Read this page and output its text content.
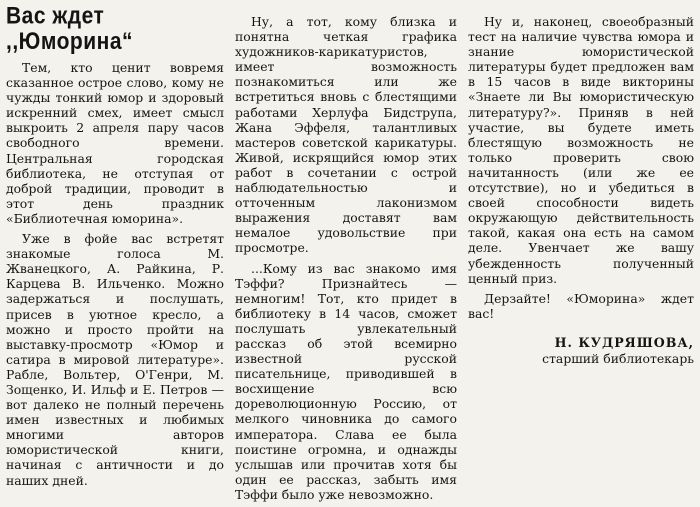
Вас ждет
,,Юморина“

Тем, кто ценит вовремя сказанное острое слово, кому не чужды тонкий юмор и здоровый искренний смех, имеет смысл выкроить 2 апреля пару часов свободного времени. Центральная городская библиотека, не отступая от доброй традиции, проводит в этот день праздник «Библиотечная юморина».

Уже в фойе вас встретят знакомые голоса М. Жванецкого, А. Райкина, Р. Карцева В. Ильченко. Можно задержаться и послушать, присев в уютное кресло, а можно и просто пройти на выставку-просмотр «Юмор и сатира в мировой литературе». Рабле, Вольтер, О'Генри, М. Зощенко, И. Ильф и Е. Петров — вот далеко не полный перечень имен известных и любимых многими авторов юмористической книги, начиная с античности и до наших дней.

Ну, а тот, кому близка и понятна четкая графика художников-карикатуристов, имеет возможность познакомиться или же встретиться вновь с блестящими работами Херлуфа Бидструпа, Жана Эффеля, талантливых мастеров советской карикатуры. Живой, искрящийся юмор этих работ в сочетании с острой наблюдательностью и отточенным лаконизмом выражения доставят вам немалое удовольствие при просмотре.

...Кому из вас знакомо имя Тэффи? Признайтесь — немногим! Тот, кто придет в библиотеку в 14 часов, сможет послушать увлекательный рассказ об этой всемирно известной русской писательнице, приводившей в восхищение всю дореволюционную Россию, от мелкого чиновника до самого императора. Слава ее была поистине огромна, и однажды услышав или прочитав хотя бы один ее рассказ, забыть имя Тэффи было уже невозможно.

Ну и, наконец, своеобразный тест на наличие чувства юмора и знание юмористической литературы будет предложен вам в 15 часов в виде викторины «Знаете ли Вы юмористическую литературу?». Приняв в ней участие, вы будете иметь блестящую возможность не только проверить свою начитанность (или же ее отсутствие), но и убедиться в своей способности видеть окружающую действительность такой, какая она есть на самом деле. Увенчает же вашу убежденность полученный ценный приз.

Дерзайте! «Юморина» ждет вас!

Н. КУДРЯШОВА,
старший библиотекарь
